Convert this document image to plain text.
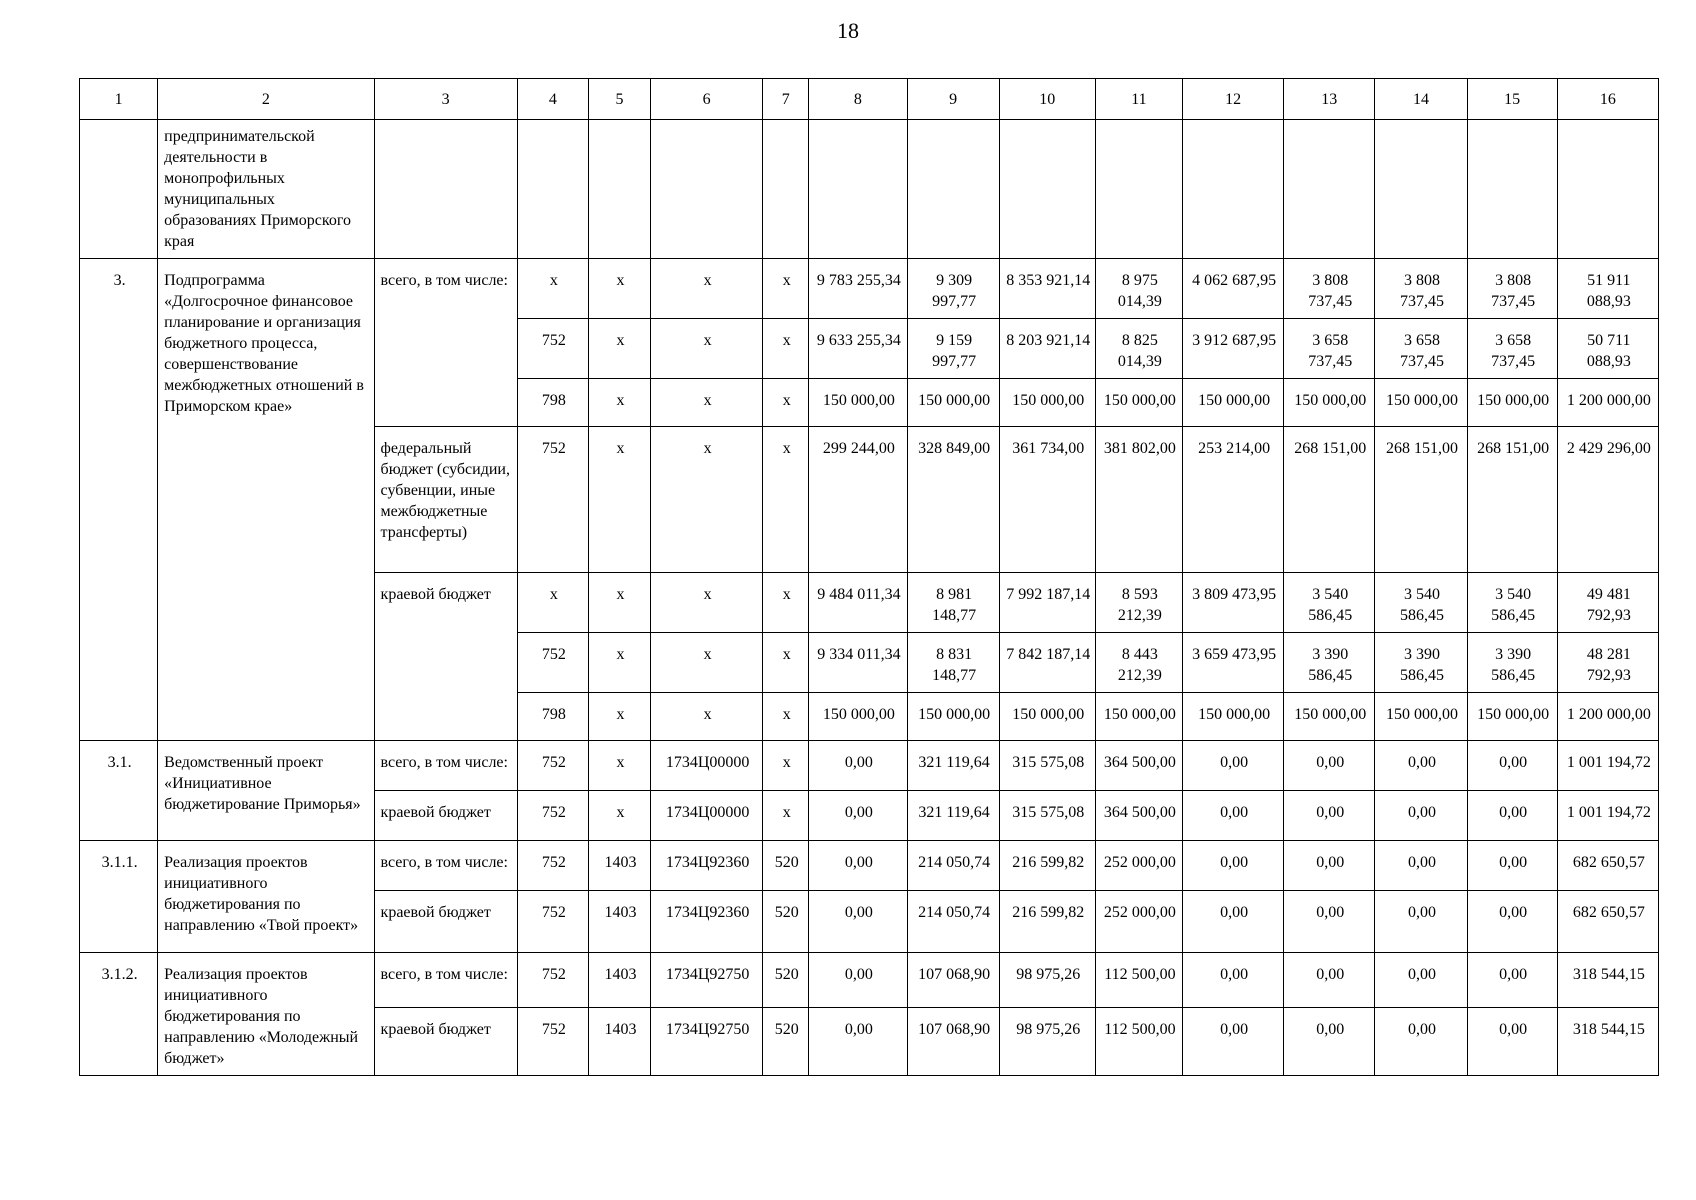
18
1	2	3	4	5	6	7	8	9	10	11	12	13	14	15	16
	предпринимательской деятельности в монопрофильных муниципальных образованиях Приморского края														
3.	Подпрограмма «Долгосрочное финансовое планирование и организация бюджетного процесса, совершенствование межбюджетных отношений в Приморском крае»	всего, в том числе:	х	х	х	х	9 783 255,34	9 309 997,77	8 353 921,14	8 975 014,39	4 062 687,95	3 808 737,45	3 808 737,45	3 808 737,45	51 911 088,93
			752	х	х	х	9 633 255,34	9 159 997,77	8 203 921,14	8 825 014,39	3 912 687,95	3 658 737,45	3 658 737,45	3 658 737,45	50 711 088,93
			798	х	х	х	150 000,00	150 000,00	150 000,00	150 000,00	150 000,00	150 000,00	150 000,00	150 000,00	1 200 000,00
		федеральный бюджет (субсидии, субвенции, иные межбюджетные трансферты)	752	х	х	х	299 244,00	328 849,00	361 734,00	381 802,00	253 214,00	268 151,00	268 151,00	268 151,00	2 429 296,00
		краевой бюджет	х	х	х	х	9 484 011,34	8 981 148,77	7 992 187,14	8 593 212,39	3 809 473,95	3 540 586,45	3 540 586,45	3 540 586,45	49 481 792,93
			752	х	х	х	9 334 011,34	8 831 148,77	7 842 187,14	8 443 212,39	3 659 473,95	3 390 586,45	3 390 586,45	3 390 586,45	48 281 792,93
			798	х	х	х	150 000,00	150 000,00	150 000,00	150 000,00	150 000,00	150 000,00	150 000,00	150 000,00	1 200 000,00
3.1.	Ведомственный проект «Инициативное бюджетирование Приморья»	всего, в том числе:	752	х	1734Ц00000	х	0,00	321 119,64	315 575,08	364 500,00	0,00	0,00	0,00	0,00	1 001 194,72
		краевой бюджет	752	х	1734Ц00000	х	0,00	321 119,64	315 575,08	364 500,00	0,00	0,00	0,00	0,00	1 001 194,72
3.1.1.	Реализация проектов инициативного бюджетирования по направлению «Твой проект»	всего, в том числе:	752	1403	1734Ц92360	520	0,00	214 050,74	216 599,82	252 000,00	0,00	0,00	0,00	0,00	682 650,57
		краевой бюджет	752	1403	1734Ц92360	520	0,00	214 050,74	216 599,82	252 000,00	0,00	0,00	0,00	0,00	682 650,57
3.1.2.	Реализация проектов инициативного бюджетирования по направлению «Молодежный бюджет»	всего, в том числе:	752	1403	1734Ц92750	520	0,00	107 068,90	98 975,26	112 500,00	0,00	0,00	0,00	0,00	318 544,15
		краевой бюджет	752	1403	1734Ц92750	520	0,00	107 068,90	98 975,26	112 500,00	0,00	0,00	0,00	0,00	318 544,15
